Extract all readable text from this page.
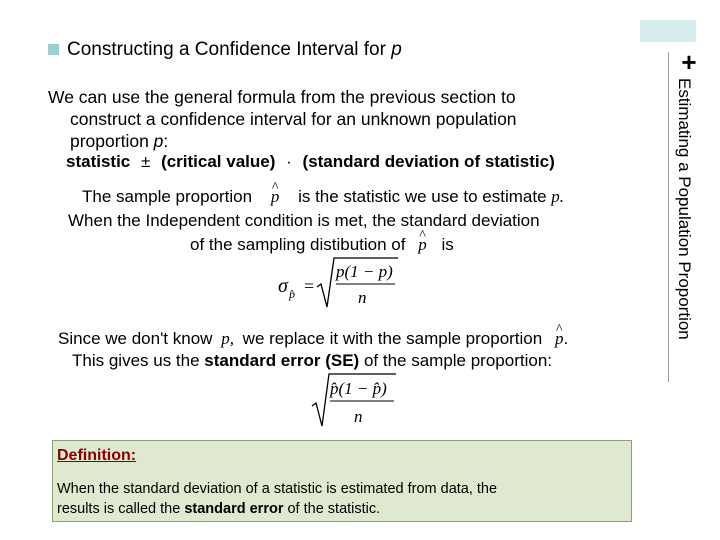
+
Estimating a Population Proportion
Constructing a Confidence Interval for p
We can use the general formula from the previous section to
construct a confidence interval for an unknown population
proportion p:
statistic ± (critical value) · (standard deviation of statistic)
The sample proportion ^ p is the statistic we use to estimate p.
When the Independent condition is met, the standard deviation
of the sampling distibution of ^ p is
σ p̂ =
p(1 − p)
n
Since we don't know p, we replace it with the sample proportion ^ p.
This gives us the standard error (SE) of the sample proportion:
p̂(1 − p̂)
n
Definition:
When the standard deviation of a statistic is estimated from data, the
results is called the standard error of the statistic.
